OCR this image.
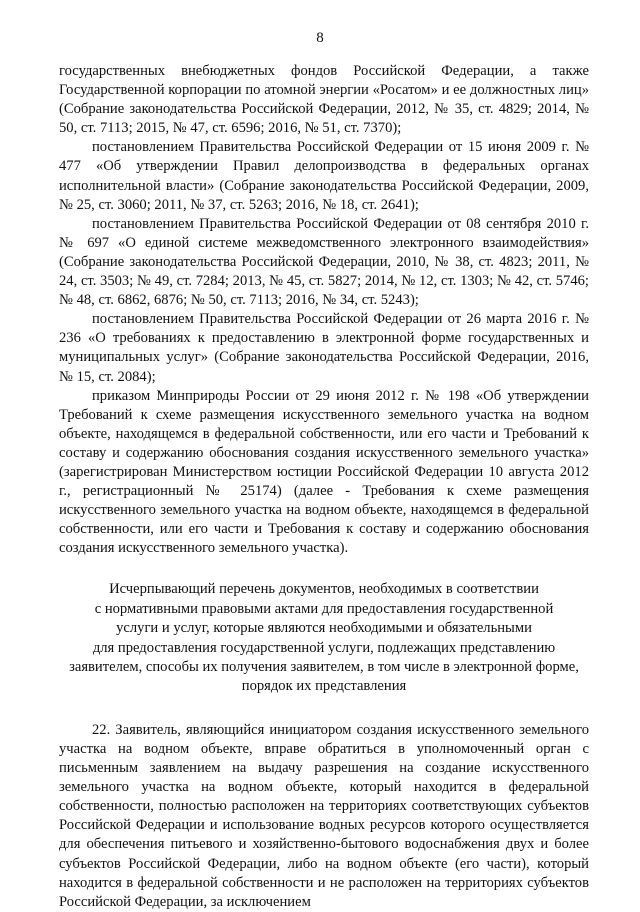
8

государственных внебюджетных фондов Российской Федерации, а также Государственной корпорации по атомной энергии «Росатом» и ее должностных лиц» (Собрание законодательства Российской Федерации, 2012, № 35, ст. 4829; 2014, № 50, ст. 7113; 2015, № 47, ст. 6596; 2016, № 51, ст. 7370);

постановлением Правительства Российской Федерации от 15 июня 2009 г. № 477 «Об утверждении Правил делопроизводства в федеральных органах исполнительной власти» (Собрание законодательства Российской Федерации, 2009, № 25, ст. 3060; 2011, № 37, ст. 5263; 2016, № 18, ст. 2641);

постановлением Правительства Российской Федерации от 08 сентября 2010 г. № 697 «О единой системе межведомственного электронного взаимодействия» (Собрание законодательства Российской Федерации, 2010, № 38, ст. 4823; 2011, № 24, ст. 3503; № 49, ст. 7284; 2013, № 45, ст. 5827; 2014, № 12, ст. 1303; № 42, ст. 5746; № 48, ст. 6862, 6876; № 50, ст. 7113; 2016, № 34, ст. 5243);

постановлением Правительства Российской Федерации от 26 марта 2016 г. № 236 «О требованиях к предоставлению в электронной форме государственных и муниципальных услуг» (Собрание законодательства Российской Федерации, 2016, № 15, ст. 2084);

приказом Минприроды России от 29 июня 2012 г. № 198 «Об утверждении Требований к схеме размещения искусственного земельного участка на водном объекте, находящемся в федеральной собственности, или его части и Требований к составу и содержанию обоснования создания искусственного земельного участка» (зарегистрирован Министерством юстиции Российской Федерации 10 августа 2012 г., регистрационный № 25174) (далее - Требования к схеме размещения искусственного земельного участка на водном объекте, находящемся в федеральной собственности, или его части и Требования к составу и содержанию обоснования создания искусственного земельного участка).

Исчерпывающий перечень документов, необходимых в соответствии
с нормативными правовыми актами для предоставления государственной
услуги и услуг, которые являются необходимыми и обязательными
для предоставления государственной услуги, подлежащих представлению
заявителем, способы их получения заявителем, в том числе в электронной форме,
порядок их представления

22. Заявитель, являющийся инициатором создания искусственного земельного участка на водном объекте, вправе обратиться в уполномоченный орган с письменным заявлением на выдачу разрешения на создание искусственного земельного участка на водном объекте, который находится в федеральной собственности, полностью расположен на территориях соответствующих субъектов Российской Федерации и использование водных ресурсов которого осуществляется для обеспечения питьевого и хозяйственно-бытового водоснабжения двух и более субъектов Российской Федерации, либо на водном объекте (его части), который находится в федеральной собственности и не расположен на территориях субъектов Российской Федерации, за исключением
